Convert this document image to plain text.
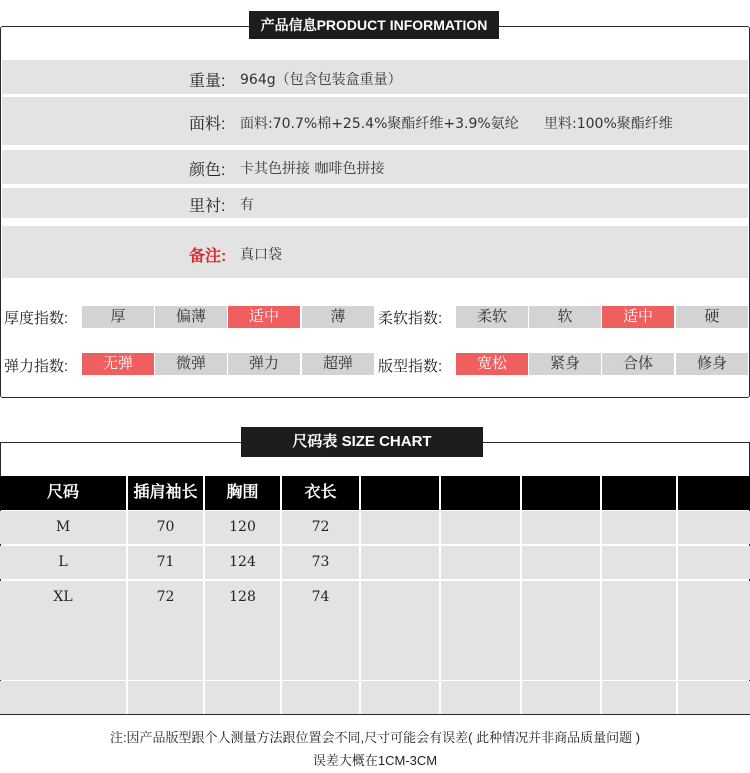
产品信息PRODUCT INFORMATION
重量: 964g（包含包装盒重量）
面料: 面料:70.7%棉+25.4%聚酯纤维+3.9%氨纶 里料:100%聚酯纤维
颜色: 卡其色拼接 咖啡色拼接
里衬: 有
备注: 真口袋
厚度指数:	厚	偏薄	适中	薄	柔软指数:	柔软	软	适中	硬
弹力指数:	无弹	微弹	弹力	超弹	版型指数:	宽松	紧身	合体	修身
尺码表 SIZE CHART
尺码	插肩袖长	胸围	衣长
M	70	120	72
L	71	124	73
XL	72	128	74
注:因产品版型跟个人测量方法跟位置会不同,尺寸可能会有误差( 此种情况并非商品质量问题 )
误差大概在1CM-3CM
